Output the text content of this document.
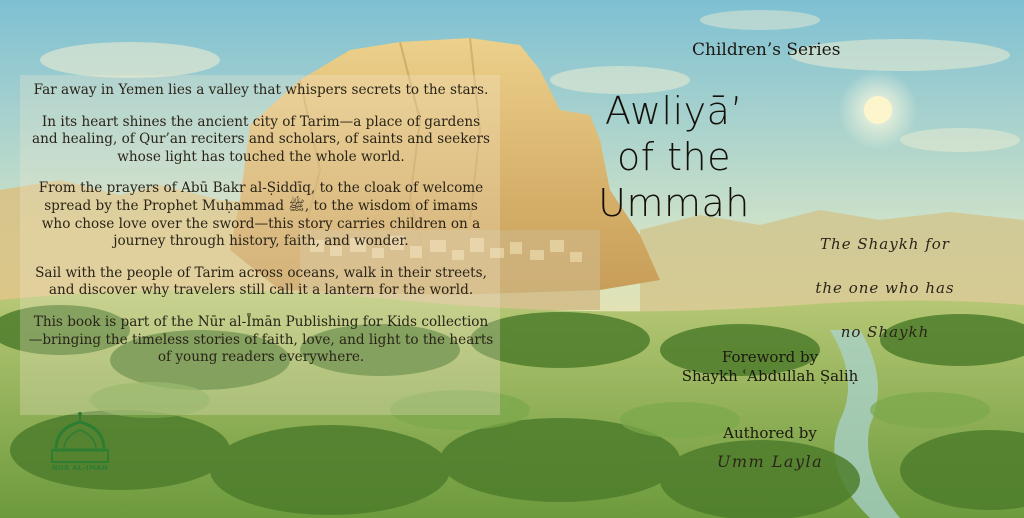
Far away in Yemen lies a valley that whispers secrets to the stars.

In its heart shines the ancient city of Tarim—a place of gardens and healing, of Qur’an reciters and scholars, of saints and seekers whose light has touched the whole world.

From the prayers of Abū Bakr al-Ṣiddīq, to the cloak of welcome spread by the Prophet Muḥammad ﷺ, to the wisdom of imams who chose love over the sword—this story carries children on a journey through history, faith, and wonder.

Sail with the people of Tarim across oceans, walk in their streets, and discover why travelers still call it a lantern for the world.

This book is part of the Nūr al-Īmān Publishing for Kids collection—bringing the timeless stories of faith, love, and light to the hearts of young readers everywhere.

NUR AL-IMAN
Children’s Series
Awliyā’
of the
Ummah
The Shaykh for
the one who has
no Shaykh
Foreword by
Shaykh ʿAbdullah Ṣaliḥ
Authored by
Umm Layla
